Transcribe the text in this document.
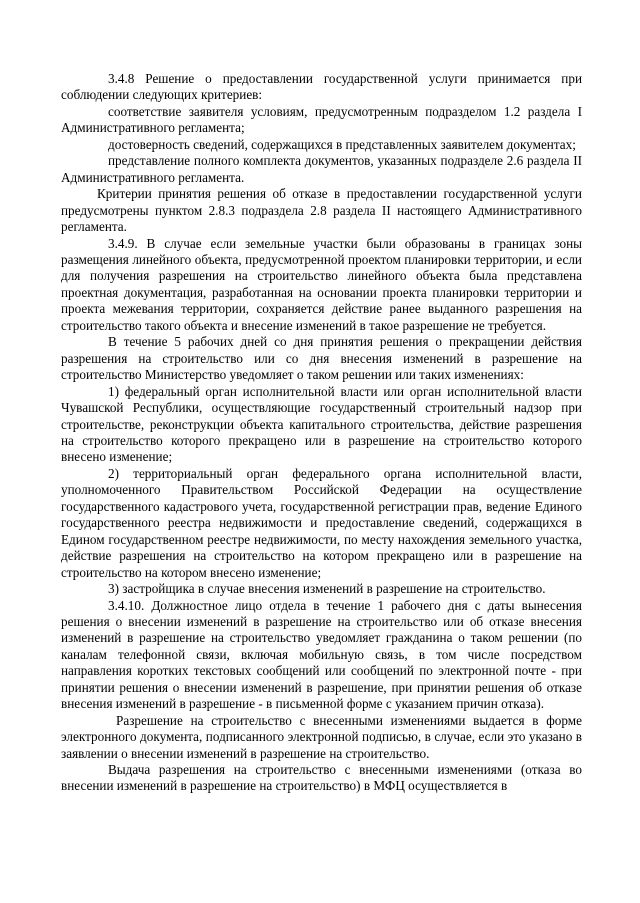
3.4.8 Решение о предоставлении государственной услуги принимается при соблюдении следующих критериев:

соответствие заявителя условиям, предусмотренным подразделом 1.2 раздела I Административного регламента;

достоверность сведений, содержащихся в представленных заявителем документах;

представление полного комплекта документов, указанных подразделе 2.6 раздела II Административного регламента.

Критерии принятия решения об отказе в предоставлении государственной услуги предусмотрены пунктом 2.8.3 подраздела 2.8 раздела II настоящего Административного регламента.

3.4.9. В случае если земельные участки были образованы в границах зоны размещения линейного объекта, предусмотренной проектом планировки территории, и если для получения разрешения на строительство линейного объекта была представлена проектная документация, разработанная на основании проекта планировки территории и проекта межевания территории, сохраняется действие ранее выданного разрешения на строительство такого объекта и внесение изменений в такое разрешение не требуется.

В течение 5 рабочих дней со дня принятия решения о прекращении действия разрешения на строительство или со дня внесения изменений в разрешение на строительство Министерство уведомляет о таком решении или таких изменениях:

1) федеральный орган исполнительной власти или орган исполнительной власти Чувашской Республики, осуществляющие государственный строительный надзор при строительстве, реконструкции объекта капитального строительства, действие разрешения на строительство которого прекращено или в разрешение на строительство которого внесено изменение;

2) территориальный орган федерального органа исполнительной власти, уполномоченного Правительством Российской Федерации на осуществление государственного кадастрового учета, государственной регистрации прав, ведение Единого государственного реестра недвижимости и предоставление сведений, содержащихся в Едином государственном реестре недвижимости, по месту нахождения земельного участка, действие разрешения на строительство на котором прекращено или в разрешение на строительство на котором внесено изменение;

3) застройщика в случае внесения изменений в разрешение на строительство.

3.4.10. Должностное лицо отдела в течение 1 рабочего дня с даты вынесения решения о внесении изменений в разрешение на строительство или об отказе внесения изменений в разрешение на строительство уведомляет гражданина о таком решении (по каналам телефонной связи, включая мобильную связь, в том числе посредством направления коротких текстовых сообщений или сообщений по электронной почте - при принятии решения о внесении изменений в разрешение, при принятии решения об отказе внесения изменений в разрешение - в письменной форме с указанием причин отказа).

Разрешение на строительство с внесенными изменениями выдается в форме электронного документа, подписанного электронной подписью, в случае, если это указано в заявлении о внесении изменений в разрешение на строительство.

Выдача разрешения на строительство с внесенными изменениями (отказа во внесении изменений в разрешение на строительство) в МФЦ осуществляется в
